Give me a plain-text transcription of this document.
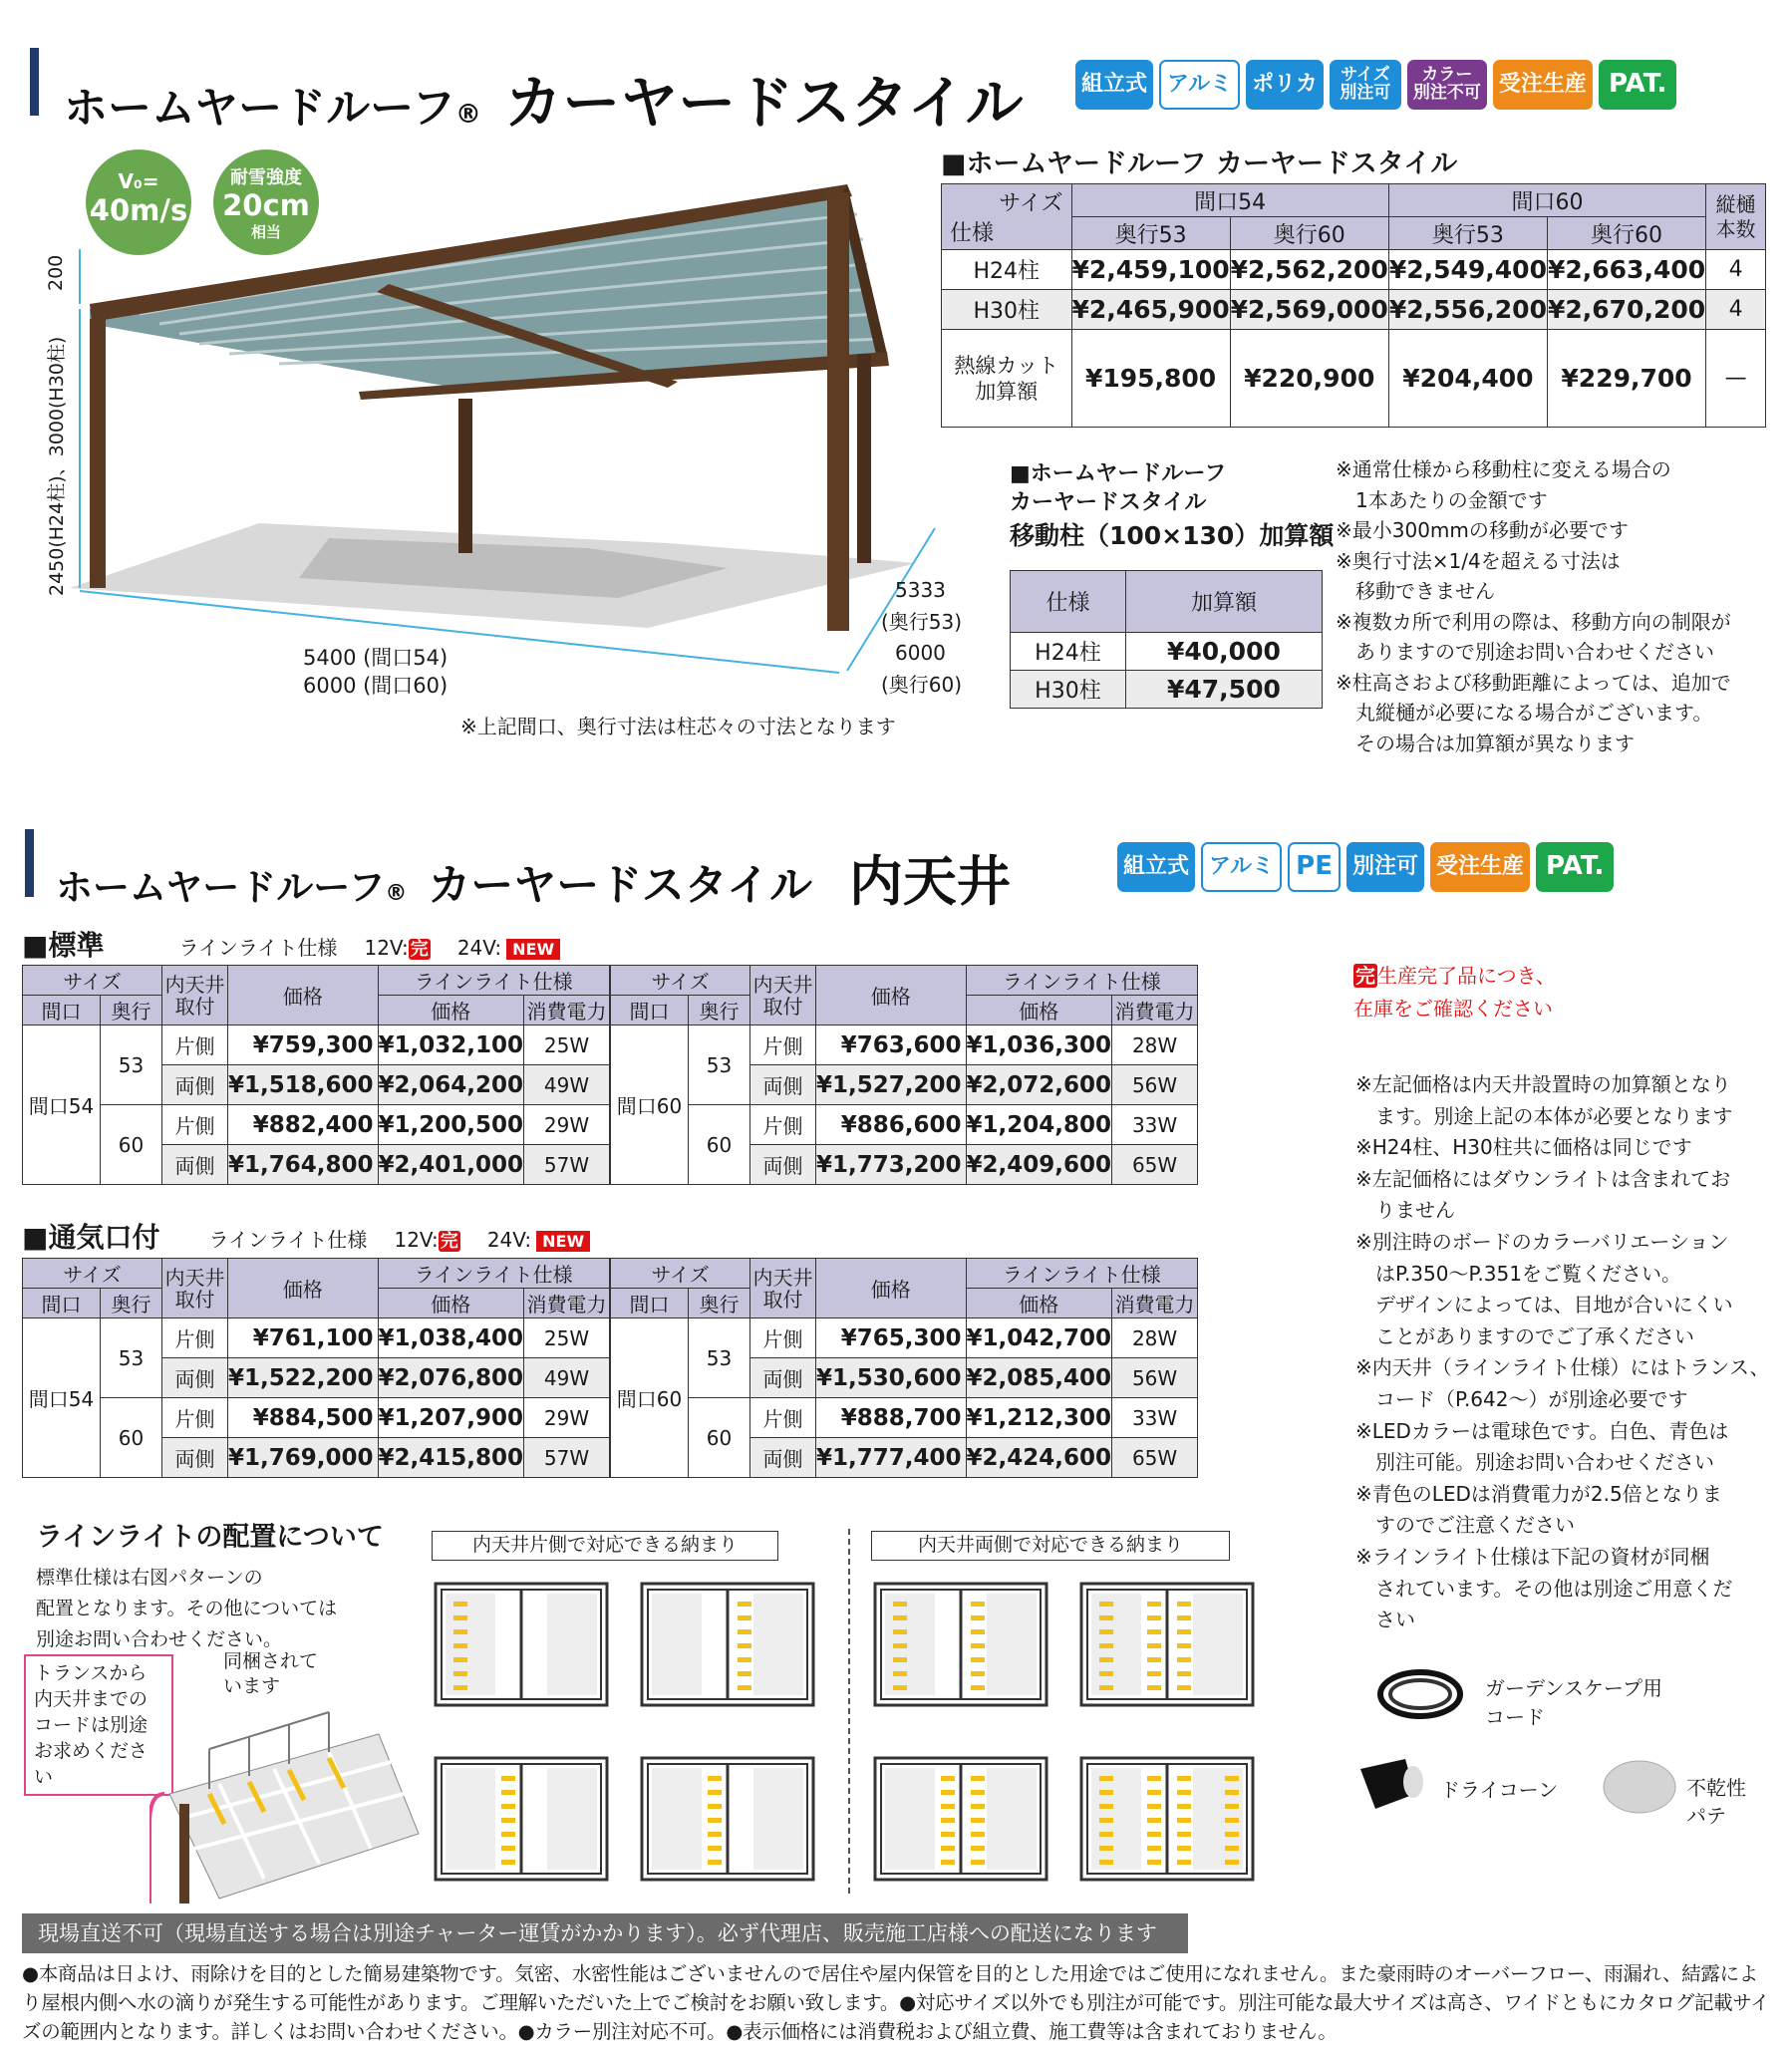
ホームヤードルーフ® カーヤードスタイル	組立式 アルミ ポリカ	サイズ 別注可
カラー 別注不可 受注生産 PAT.
V₀=
40m/s
耐雪強度
20cm
相当
200
2450(H24柱)、3000(H30柱)
5400 (間口54)
6000 (間口60)
5333
(奥行53)
6000
(奥行60)
※上記間口、奥行寸法は柱芯々の寸法となります
■ホームヤードルーフ カーヤードスタイル
サイズ
仕様	間口54		間口60		縦樋本数
	奥行53	奥行60	奥行53	奥行60	
H24柱	¥2,459,100	¥2,562,200	¥2,549,400	¥2,663,400	4
H30柱	¥2,465,900	¥2,569,000	¥2,556,200	¥2,670,200	4
熱線カット加算額	¥195,800	¥220,900	¥204,400	¥229,700	—
■ホームヤードルーフ
カーヤードスタイル
移動柱（100×130）加算額
仕様	加算額
H24柱	¥40,000
H30柱	¥47,500
※通常仕様から移動柱に変える場合の
　1本あたりの金額です
※最小300mmの移動が必要です
※奥行寸法×1/4を超える寸法は
　移動できません
※複数カ所で利用の際は、移動方向の制限が
　ありますので別途お問い合わせください
※柱高さおよび移動距離によっては、追加で
　丸縦樋が必要になる場合がございます。
　その場合は加算額が異なります
ホームヤードルーフ® カーヤードスタイル 内天井	組立式 アルミ PE 別注可 受注生産 PAT.
■標準	ラインライト仕様 12V: 完 24V: NEW
サイズ		内天井取付	価格	ラインライト仕様	
間口	奥行			価格	消費電力
間口54	53	片側	¥759,300	¥1,032,100	25W
		両側	¥1,518,600	¥2,064,200	49W
	60	片側	¥882,400	¥1,200,500	29W
		両側	¥1,764,800	¥2,401,000	57W
サイズ		内天井取付	価格	ラインライト仕様	
間口	奥行			価格	消費電力
間口60	53	片側	¥763,600	¥1,036,300	28W
		両側	¥1,527,200	¥2,072,600	56W
	60	片側	¥886,600	¥1,204,800	33W
		両側	¥1,773,200	¥2,409,600	65W
■通気口付 ラインライト仕様 12V: 完 24V: NEW
サイズ		内天井取付	価格	ラインライト仕様	
間口	奥行			価格	消費電力
間口54	53	片側	¥761,100	¥1,038,400	25W
		両側	¥1,522,200	¥2,076,800	49W
	60	片側	¥884,500	¥1,207,900	29W
		両側	¥1,769,000	¥2,415,800	57W
サイズ		内天井取付	価格	ラインライト仕様	
間口	奥行			価格	消費電力
間口60	53	片側	¥765,300	¥1,042,700	28W
		両側	¥1,530,600	¥2,085,400	56W
	60	片側	¥888,700	¥1,212,300	33W
		両側	¥1,777,400	¥2,424,600	65W
完 生産完了品につき、
在庫をご確認ください
※左記価格は内天井設置時の加算額となり
　ます。別途上記の本体が必要となります
※H24柱、H30柱共に価格は同じです
※左記価格にはダウンライトは含まれてお
　りません
※別注時のボードのカラーバリエーション
　はP.350～P.351をご覧ください。
　デザインによっては、目地が合いにくい
　ことがありますのでご了承ください
※内天井（ラインライト仕様）にはトランス、
　コード（P.642～）が別途必要です
※LEDカラーは電球色です。白色、青色は
　別注可能。別途お問い合わせください
※青色のLEDは消費電力が2.5倍となりま
　すのでご注意ください
※ラインライト仕様は下記の資材が同梱
　されています。その他は別途ご用意くだ
　さい
ラインライトの配置について
標準仕様は右図パターンの
配置となります。その他については
別途お問い合わせください。
トランスから
内天井までの
コードは別途
お求めください
同梱されて
います
内天井片側で対応できる納まり	内天井両側で対応できる納まり
ガーデンスケープ用
コード
ドライコーン	不乾性
パテ
現場直送不可（現場直送する場合は別途チャーター運賃がかかります）。必ず代理店、販売施工店様への配送になります
●本商品は日よけ、雨除けを目的とした簡易建築物です。気密、水密性能はございませんので居住や屋内保管を目的とした用途ではご使用になれません。また豪雨時のオーバーフロー、雨漏れ、結露により屋根内側へ水の滴りが発生する可能性があります。ご理解いただいた上でご検討をお願い致します。●対応サイズ以外でも別注が可能です。別注可能な最大サイズは高さ、ワイドともにカタログ記載サイズの範囲内となります。詳しくはお問い合わせください。●カラー別注対応不可。●表示価格には消費税および組立費、施工費等は含まれておりません。
